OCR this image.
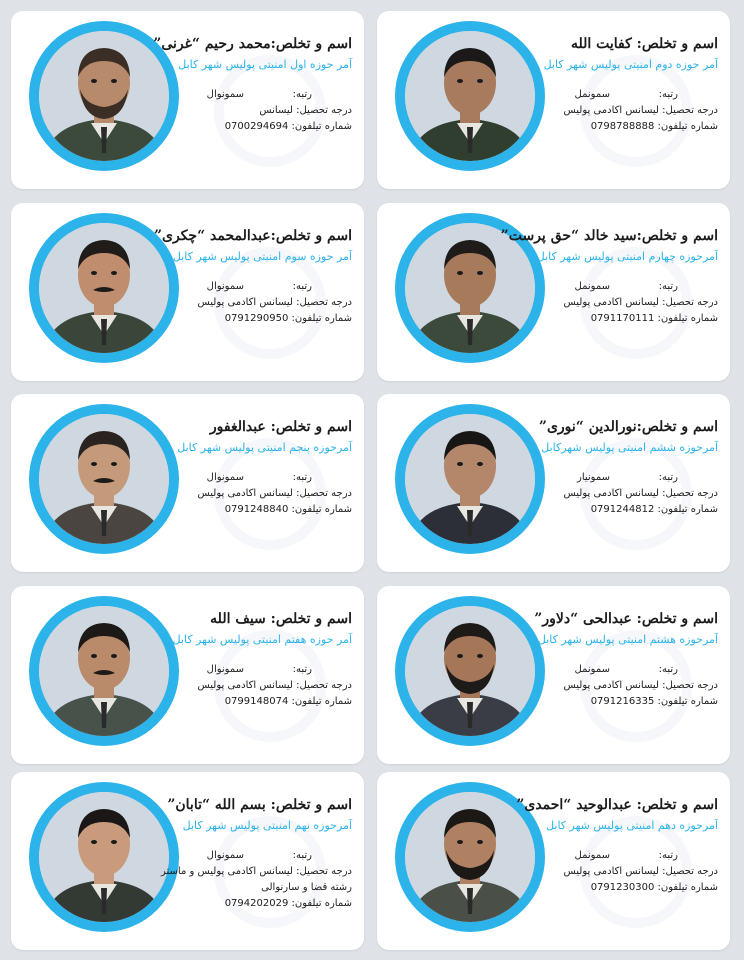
اسم و تخلص:محمد رحیم “غرنی”
آمر حوزه اول امنیتی پولیس شهر کابل
رتبه:سمونوال
درجه تحصیل: لیسانس
شماره تیلفون: 0700294694
اسم و تخلص: کفایت الله
آمر حوزه دوم امنیتی پولیس شهر کابل
رتبه:سمونمل
درجه تحصیل: لیسانس اکادمی پولیس
شماره تیلفون: 0798788888
اسم و تخلص:عبدالمحمد “چکری”
آمر حوزه سوم امنیتی پولیس شهر کابل
رتبه:سمونوال
درجه تحصیل: لیسانس اکادمی پولیس
شماره تیلفون: 0791290950
اسم و تخلص:سید خالد “حق پرست”
آمرحوزه چهارم امنیتی پولیس شهر کابل
رتبه:سمونمل
درجه تحصیل: لیسانس اکادمی پولیس
شماره تیلفون: 0791170111
اسم و تخلص: عبدالغفور
آمرحوزه پنجم امنیتی پولیس شهر کابل
رتبه:سمونوال
درجه تحصیل: لیسانس اکادمی پولیس
شماره تیلفون: 0791248840
اسم و تخلص:نورالدین “نوری”
آمرحوزه ششم امنیتی پولیس شهرکابل
رتبه:سمونیار
درجه تحصیل: لیسانس اکادمی پولیس
شماره تیلفون: 0791244812
اسم و تخلص: سیف الله
آمر حوزه هفتم امنیتی پولیس شهر کابل
رتبه:سمونوال
درجه تحصیل: لیسانس اکادمی پولیس
شماره تیلفون: 0799148074
اسم و تخلص: عبدالحی “دلاور”
آمرحوزه هشتم امنیتی پولیس شهر کابل
رتبه:سمونمل
درجه تحصیل: لیسانس اکادمی پولیس
شماره تیلفون: 0791216335
اسم و تخلص: بسم الله “تابان”
آمرحوزه نهم امنیتی پولیس شهر کابل
رتبه:سمونوال
درجه تحصیل: لیسانس اکادمی پولیس و ماستر
رشته قضا و سارنوالی
شماره تیلفون: 0794202029
اسم و تخلص: عبدالوحید “احمدی”
آمرحوزه دهم امنیتی پولیس شهر کابل
رتبه:سمونمل
درجه تحصیل: لیسانس اکادمی پولیس
شماره تیلفون: 0791230300
